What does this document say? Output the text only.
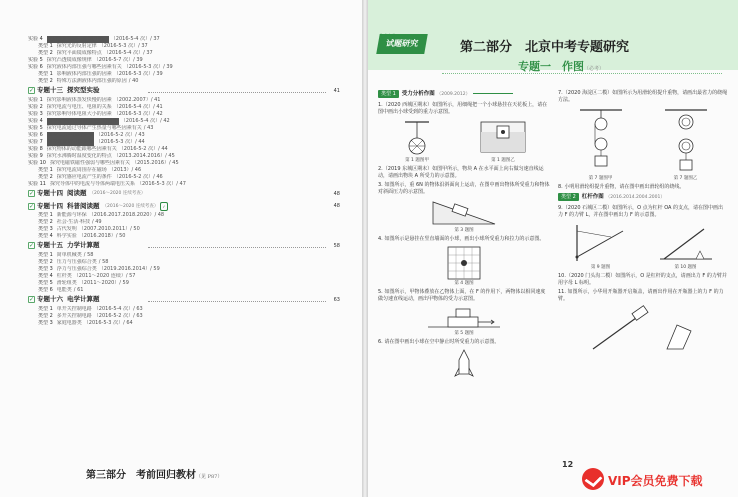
实验 4 光的反射规律（如测方向） （2016-5-4 次）/ 37
类型 1 探究光的反射定律 （2016-5-3 次）/ 37
类型 2 探究平面镜成像特点 （2016-5-4 次）/ 37
实验 5 探究凸透镜成像规律 （2016-5-7 次）/ 39
实验 6 探究液体内部压强与哪些因素有关 （2016-5-3 次）/ 39
类型 1 影响液体内部压强的因素 （2016-5-3 次）/ 39
类型 2 特殊方法测液体内部压强的原因 / 40
✓ 专题十三 探究型实验	41
实验 1 探究影响液体蒸发快慢的因素 （2002.2007）/ 41
实验 2 探究电流与电压、电阻的关系 （2016-5-4 次）/ 41
实验 3 探究影响导体电阻大小的因素 （2016-5-3 次）/ 42
实验 4 探究影响滑动摩擦力大小的因素 （2016-5-4 次）/ 42
实验 5 探究电流通过导体产生热量与哪些因素有关 / 43
实验 6 探究二力平衡的条件 （2016-5-2 次）/ 43
实验 7 探究杠杆的平衡条件 （2016-5-3 次）/ 44
实验 8 探究物体的动能跟哪些因素有关 （2016-5-2 次）/ 44
实验 9 探究水沸腾时温度变化的特点 （2013.2014.2016）/ 45
实验 10 探究电磁铁磁性强弱与哪些因素有关 （2015.2016）/ 45
类型 1 探究电流周围存在磁场 （2013）/ 46
类型 2 探究感应电流产生的条件 （2016-5-2 次）/ 46
实验 11 探究导体中的电流与导体两端电压关系 （2016-5-3 次）/ 47
✓ 专题十四 阅读题 （2016～2020 连续考查）	48
✓ 专题十四 科普阅读题 （2016～2020 连续考查） ✓	48
类型 1 新能源与环保 （2016.2017.2018.2020）/ 48
类型 2 社会·生活·科技 / 49
类型 3 古代发明 （2007.2010.2011）/ 50
类型 4 科学实验 （2016.2018）/ 50
✓ 专题十五 力学计算题	58
类型 1 简单机械类 / 58
类型 2 压力与压强综合类 / 58
类型 3 浮力与压强综合类 （2019.2016.2014）/ 59
类型 4 杠杆类 （2011～2020 连续）/ 57
类型 5 滑轮组类 （2011～2020）/ 59
类型 6 电能类 / 61
✓ 专题十六 电学计算题	63
类型 1 单开关控制电路 （2016-5-4 次）/ 63
类型 2 多开关控制电路 （2016-5-2 次）/ 63
类型 3 家庭电器类 （2016-5-3 次）/ 64
第三部分　考前回归教材（见 P87）
北京中考
试题研究	第二部分　北京中考专题研究
专题一　作图（必考）
类型 1 受力分析作图 （2009.2012）
1.（2020 西城区期末）如图所示，用细绳把一个小球悬挂在天花板上，请在图中画出小球受到的重力示意图。
第 1 题图甲	第 1 题图乙
2.（2019 东城区期末）如图甲所示，物块 A 在水平面上向右做匀速直线运动，请画出物块 A 所受力的示意图。
3. 如图所示，重 6N 的物体沿斜面向上运动，在图中画出物体所受重力和物体对斜面压力的示意图。
第 3 题图
4. 如图所示是悬挂在竖直墙面的小球，画出小球所受重力和拉力的示意图。
第 4 题图
5. 如图所示，甲物体叠放在乙物体上面，在 F 的作用下，两物体以相同速度做匀速直线运动，画出甲物体的受力示意图。
第 5 题图
6. 请在图中画出小球在空中静止时所受重力的示意图。
7.（2020 海淀区二模）如图所示为用滑轮组提升重物，请画出最省力的绕绳方法。
第 7 题图甲	第 7 题图乙
8. 小明用滑轮组提升重物，请在图中画出滑轮组的绕线。
类型 2 杠杆作图 （2016.2014.2004.2001）
9.（2020 石城区二模）如图所示，O 点为杠杆 OA 的支点，请在图中画出力 F 的力臂 L，并在图中画出力 F 的示意图。
第 9 题图	第 10 题图
10.（2020 门头沟二模）如图所示，O 是杠杆的支点，请画出力 F 的力臂并用字母 L 标明。
11. 如图所示，小华用开瓶器开启瓶盖，请画出作用在开瓶器上的力 F 的力臂。
12
VIP会员免费下载
